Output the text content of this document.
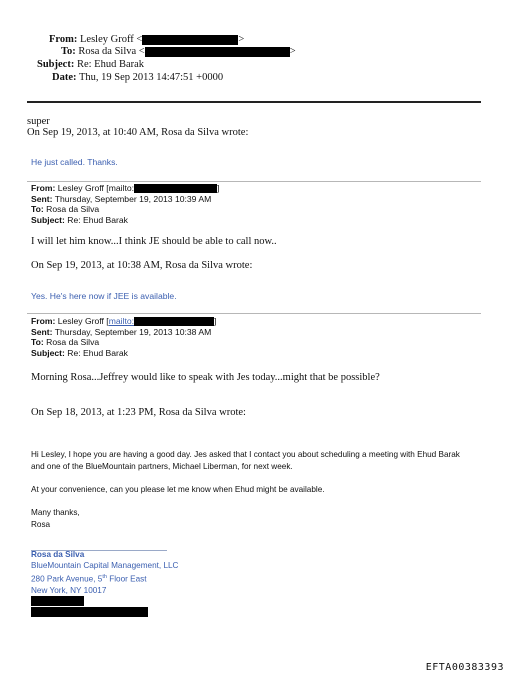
From: Lesley Groff <	>
To: Rosa da Silva <	>
Subject: Re: Ehud Barak
Date: Thu, 19 Sep 2013 14:47:51 +0000
super
On Sep 19, 2013, at 10:40 AM, Rosa da Silva wrote:
He just called. Thanks.
From: Lesley Groff [mailto:	]
Sent: Thursday, September 19, 2013 10:39 AM
To: Rosa da Silva
Subject: Re: Ehud Barak
I will let him know...I think JE should be able to call now..
On Sep 19, 2013, at 10:38 AM, Rosa da Silva wrote:
Yes. He's here now if JEE is available.
From: Lesley Groff [mailto:	]
Sent: Thursday, September 19, 2013 10:38 AM
To: Rosa da Silva
Subject: Re: Ehud Barak
Morning Rosa...Jeffrey would like to speak with Jes today...might that be possible?
On Sep 18, 2013, at 1:23 PM, Rosa da Silva wrote:
Hi Lesley, I hope you are having a good day. Jes asked that I contact you about scheduling a meeting with Ehud Barak
and one of the BlueMountain partners, Michael Liberman, for next week.
At your convenience, can you please let me know when Ehud might be available.
Many thanks,
Rosa
Rosa da Silva
BlueMountain Capital Management, LLC
280 Park Avenue, 5th Floor East
New York, NY 10017
EFTA00383393
